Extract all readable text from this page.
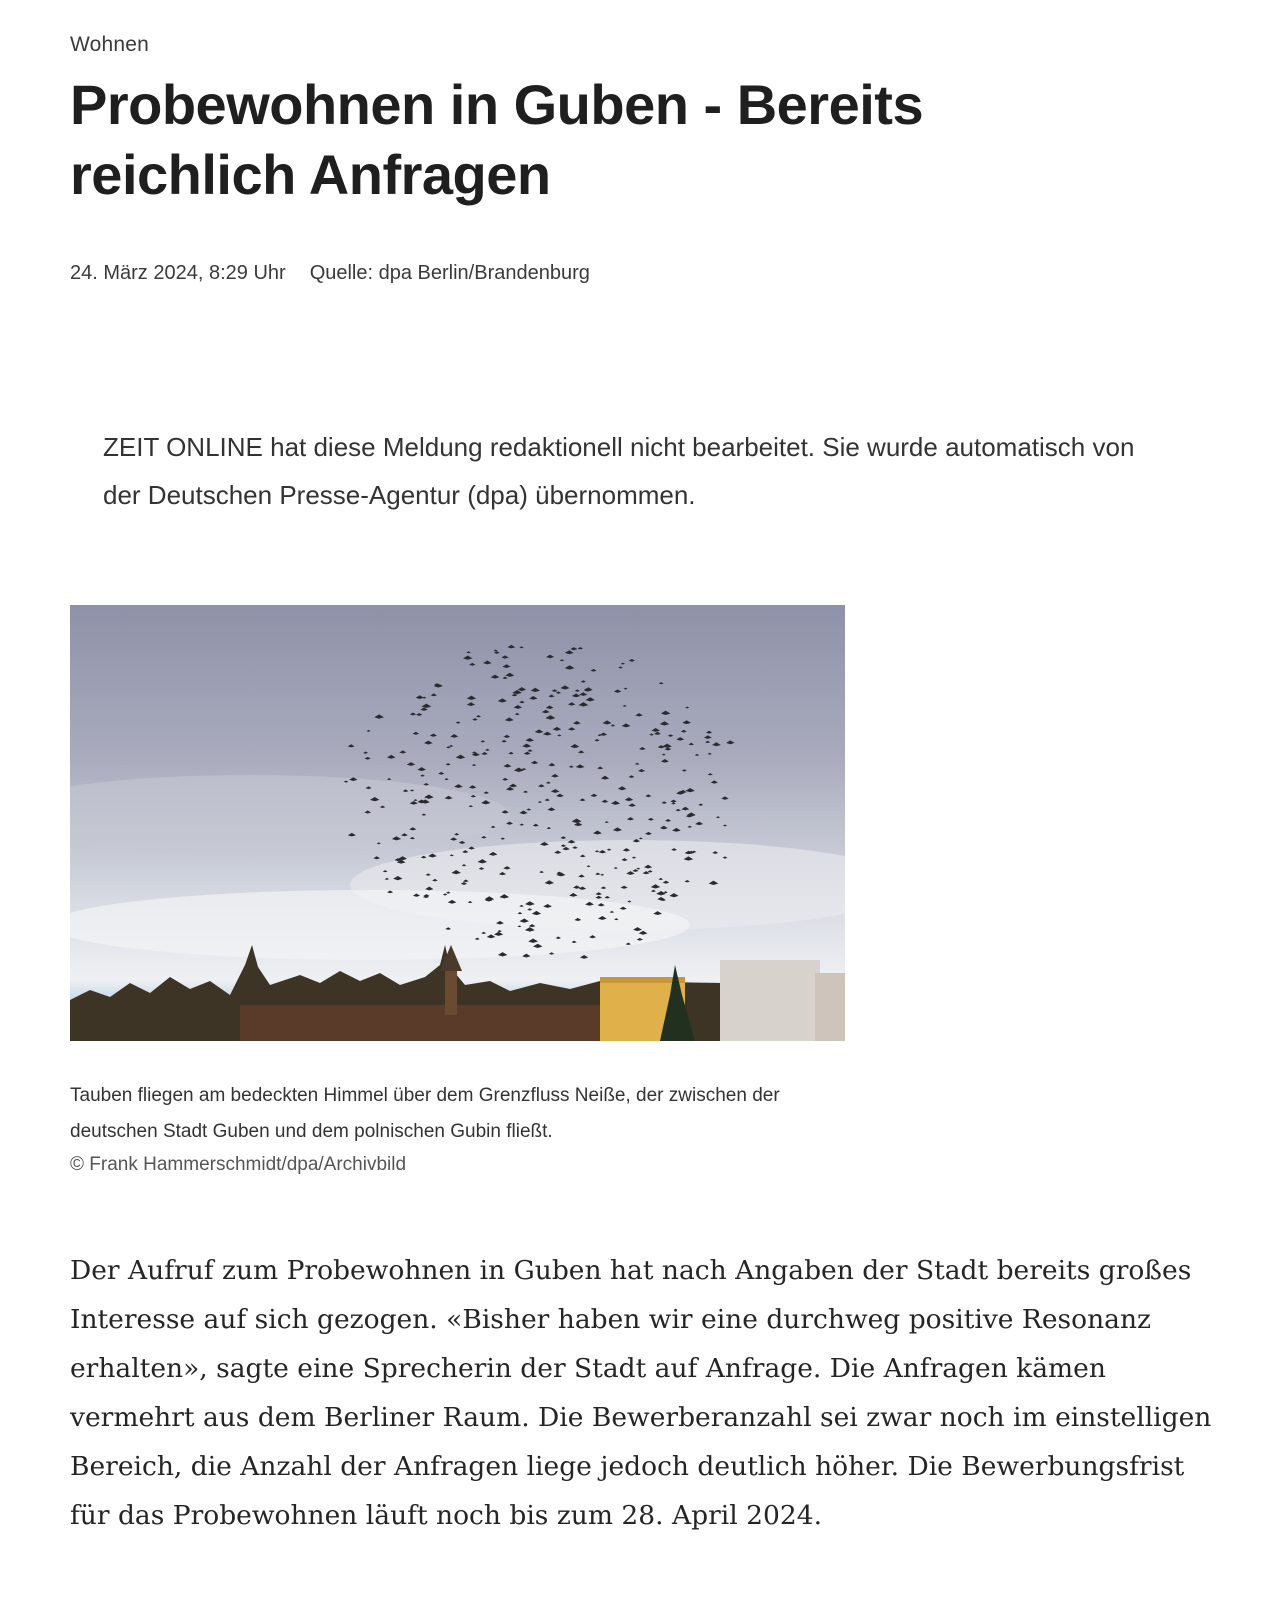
Wohnen
Probewohnen in Guben - Bereits reichlich Anfragen
24. März 2024, 8:29 Uhr Quelle: dpa Berlin/Brandenburg

ZEIT ONLINE hat diese Meldung redaktionell nicht bearbeitet. Sie wurde automatisch von der Deutschen Presse-Agentur (dpa) übernommen.

Tauben fliegen am bedeckten Himmel über dem Grenzfluss Neiße, der zwischen der deutschen Stadt Guben und dem polnischen Gubin fließt.

© Frank Hammerschmidt/dpa/Archivbild

Der Aufruf zum Probewohnen in Guben hat nach Angaben der Stadt bereits großes Interesse auf sich gezogen. «Bisher haben wir eine durchweg positive Resonanz erhalten», sagte eine Sprecherin der Stadt auf Anfrage. Die Anfragen kämen vermehrt aus dem Berliner Raum. Die Bewerberanzahl sei zwar noch im einstelligen Bereich, die Anzahl der Anfragen liege jedoch deutlich höher. Die Bewerbungsfrist für das Probewohnen läuft noch bis zum 28. April 2024.
